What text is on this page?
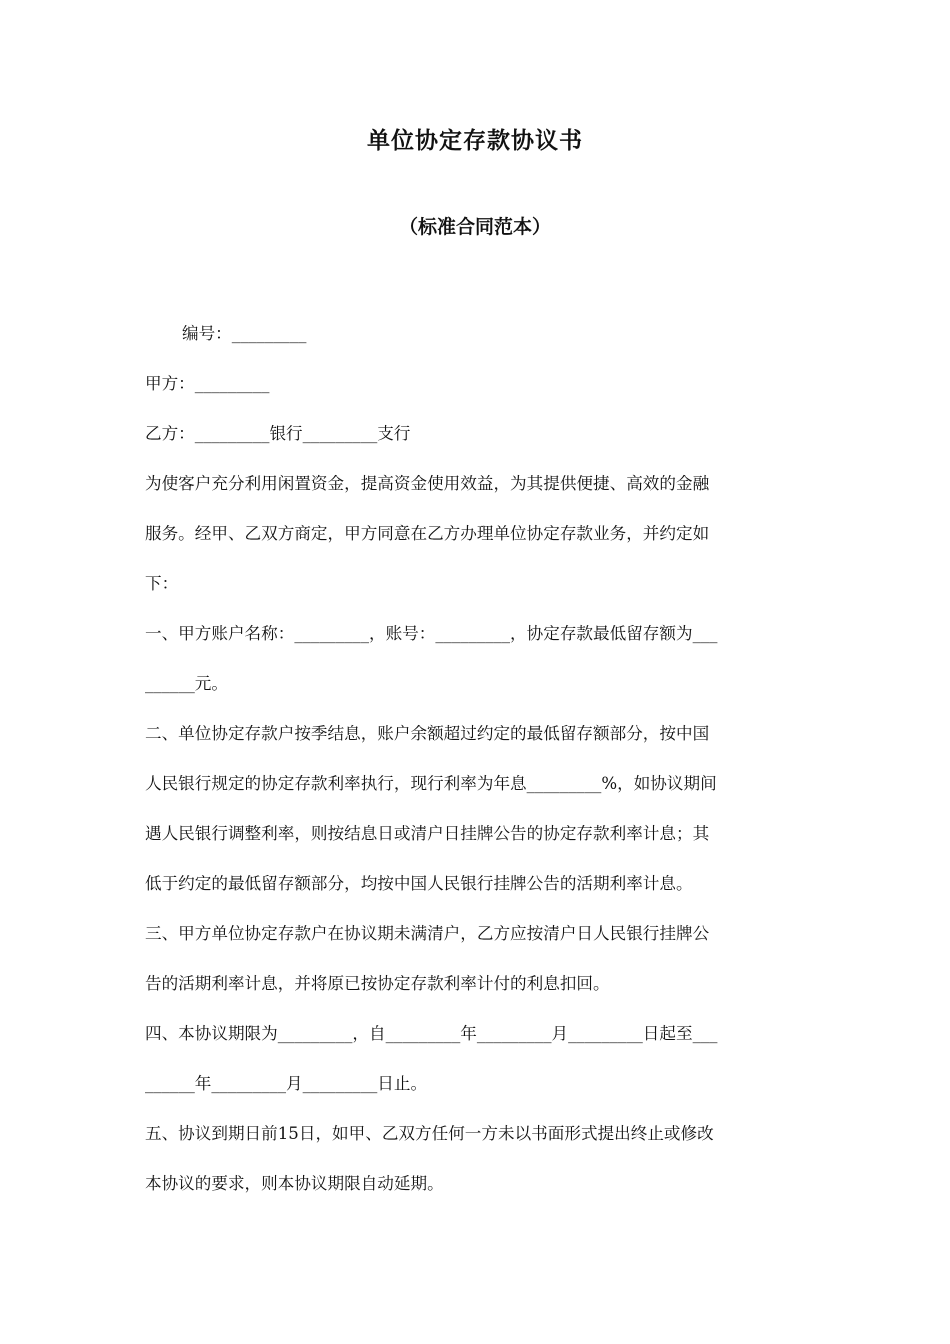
单位协定存款协议书
（标准合同范本）
编号：_________
甲方：_________
乙方：_________银行_________支行
为使客户充分利用闲置资金，提高资金使用效益，为其提供便捷、高效的金融
服务。经甲、乙双方商定，甲方同意在乙方办理单位协定存款业务，并约定如
下：
一、甲方账户名称：_________，账号：_________，协定存款最低留存额为___
______元。
二、单位协定存款户按季结息，账户余额超过约定的最低留存额部分，按中国
人民银行规定的协定存款利率执行，现行利率为年息_________%，如协议期间
遇人民银行调整利率，则按结息日或清户日挂牌公告的协定存款利率计息；其
低于约定的最低留存额部分，均按中国人民银行挂牌公告的活期利率计息。
三、甲方单位协定存款户在协议期未满清户，乙方应按清户日人民银行挂牌公
告的活期利率计息，并将原已按协定存款利率计付的利息扣回。
四、本协议期限为_________，自_________年_________月_________日起至___
______年_________月_________日止。
五、协议到期日前15日，如甲、乙双方任何一方未以书面形式提出终止或修改
本协议的要求，则本协议期限自动延期。
